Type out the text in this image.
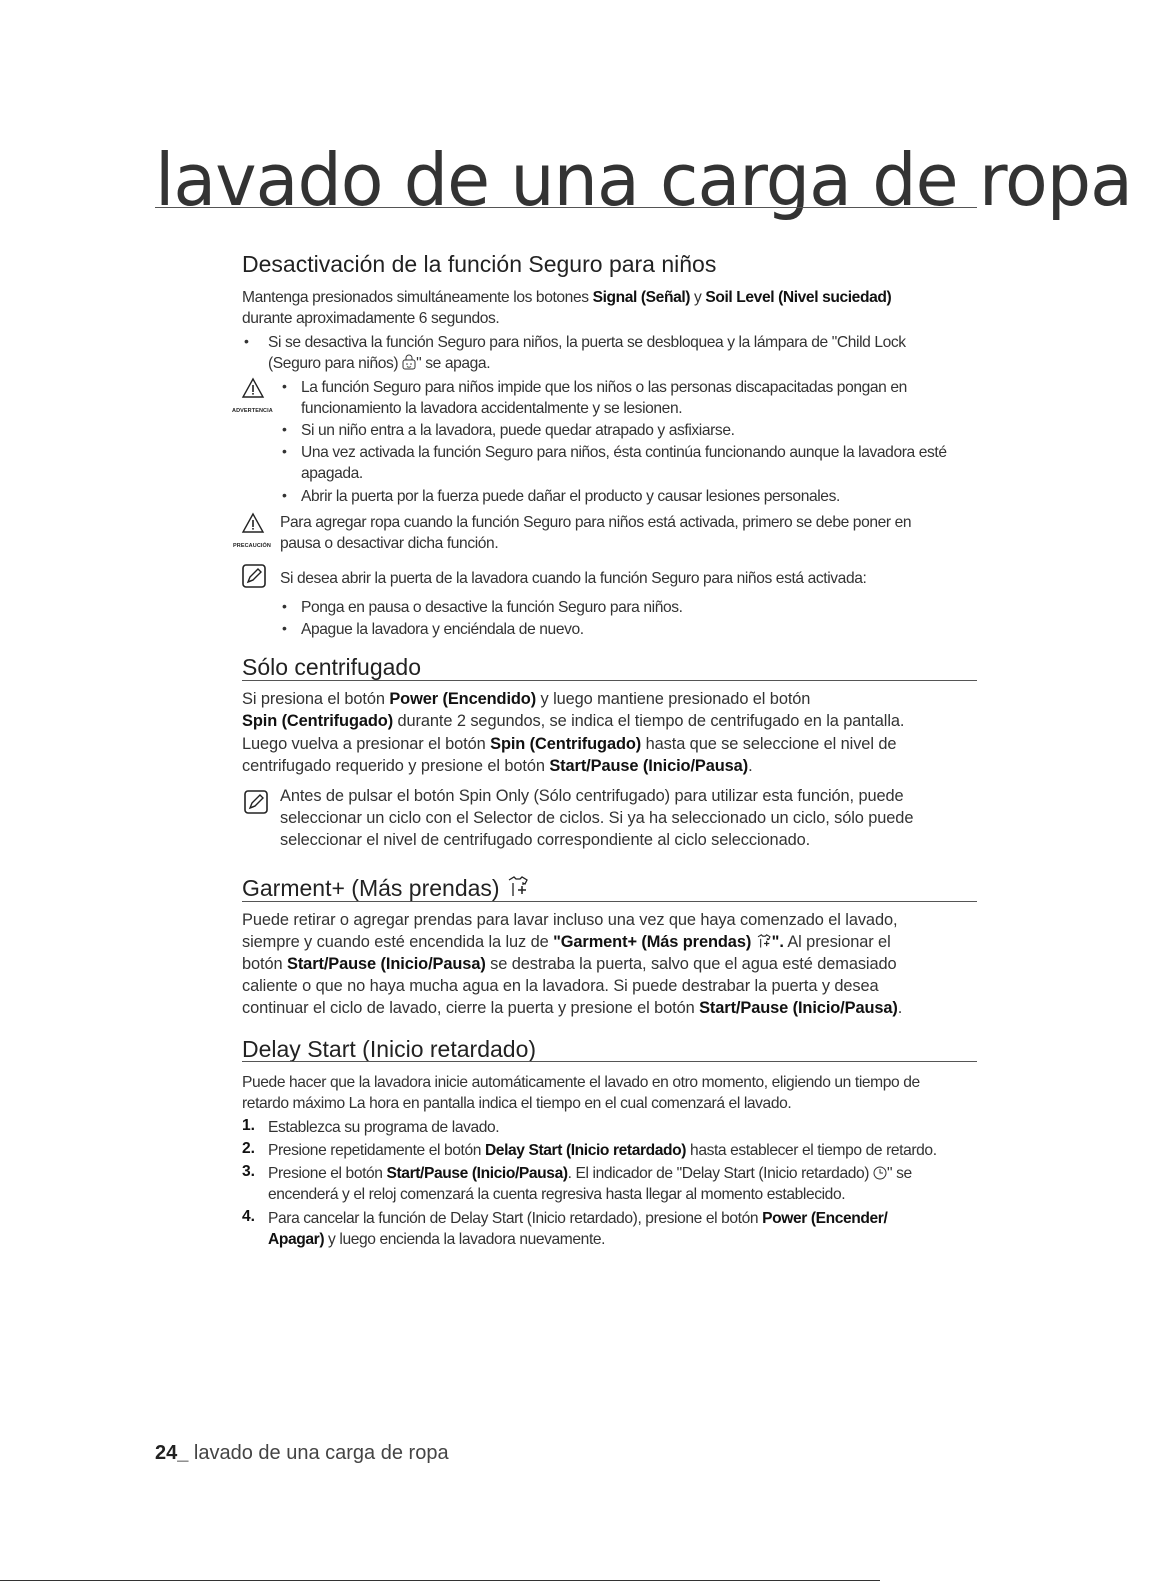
lavado de una carga de ropa
Desactivación de la función Seguro para niños
Mantenga presionados simultáneamente los botones Signal (Señal) y Soil Level (Nivel suciedad)
durante aproximadamente 6 segundos.
• Si se desactiva la función Seguro para niños, la puerta se desbloquea y la lámpara de "Child Lock
(Seguro para niños) " se apaga.
ADVERTENCIA
• La función Seguro para niños impide que los niños o las personas discapacitadas pongan en
funcionamiento la lavadora accidentalmente y se lesionen.
• Si un niño entra a la lavadora, puede quedar atrapado y asfixiarse.
• Una vez activada la función Seguro para niños, ésta continúa funcionando aunque la lavadora esté
apagada.
• Abrir la puerta por la fuerza puede dañar el producto y causar lesiones personales.
PRECAUCIÓN
Para agregar ropa cuando la función Seguro para niños está activada, primero se debe poner en
pausa o desactivar dicha función.
Si desea abrir la puerta de la lavadora cuando la función Seguro para niños está activada:
• Ponga en pausa o desactive la función Seguro para niños.
• Apague la lavadora y enciéndala de nuevo.
Sólo centrifugado
Si presiona el botón Power (Encendido) y luego mantiene presionado el botón
Spin (Centrifugado) durante 2 segundos, se indica el tiempo de centrifugado en la pantalla.
Luego vuelva a presionar el botón Spin (Centrifugado) hasta que se seleccione el nivel de
centrifugado requerido y presione el botón Start/Pause (Inicio/Pausa).
Antes de pulsar el botón Spin Only (Sólo centrifugado) para utilizar esta función, puede
seleccionar un ciclo con el Selector de ciclos. Si ya ha seleccionado un ciclo, sólo puede
seleccionar el nivel de centrifugado correspondiente al ciclo seleccionado.
Garment+ (Más prendas)
Puede retirar o agregar prendas para lavar incluso una vez que haya comenzado el lavado,
siempre y cuando esté encendida la luz de "Garment+ (Más prendas) ". Al presionar el
botón Start/Pause (Inicio/Pausa) se destraba la puerta, salvo que el agua esté demasiado
caliente o que no haya mucha agua en la lavadora. Si puede destrabar la puerta y desea
continuar el ciclo de lavado, cierre la puerta y presione el botón Start/Pause (Inicio/Pausa).
Delay Start (Inicio retardado)
Puede hacer que la lavadora inicie automáticamente el lavado en otro momento, eligiendo un tiempo de
retardo máximo La hora en pantalla indica el tiempo en el cual comenzará el lavado.
1. Establezca su programa de lavado.
2. Presione repetidamente el botón Delay Start (Inicio retardado) hasta establecer el tiempo de retardo.
3. Presione el botón Start/Pause (Inicio/Pausa). El indicador de "Delay Start (Inicio retardado) " se
encenderá y el reloj comenzará la cuenta regresiva hasta llegar al momento establecido.
4. Para cancelar la función de Delay Start (Inicio retardado), presione el botón Power (Encender/
Apagar) y luego encienda la lavadora nuevamente.
24_ lavado de una carga de ropa
